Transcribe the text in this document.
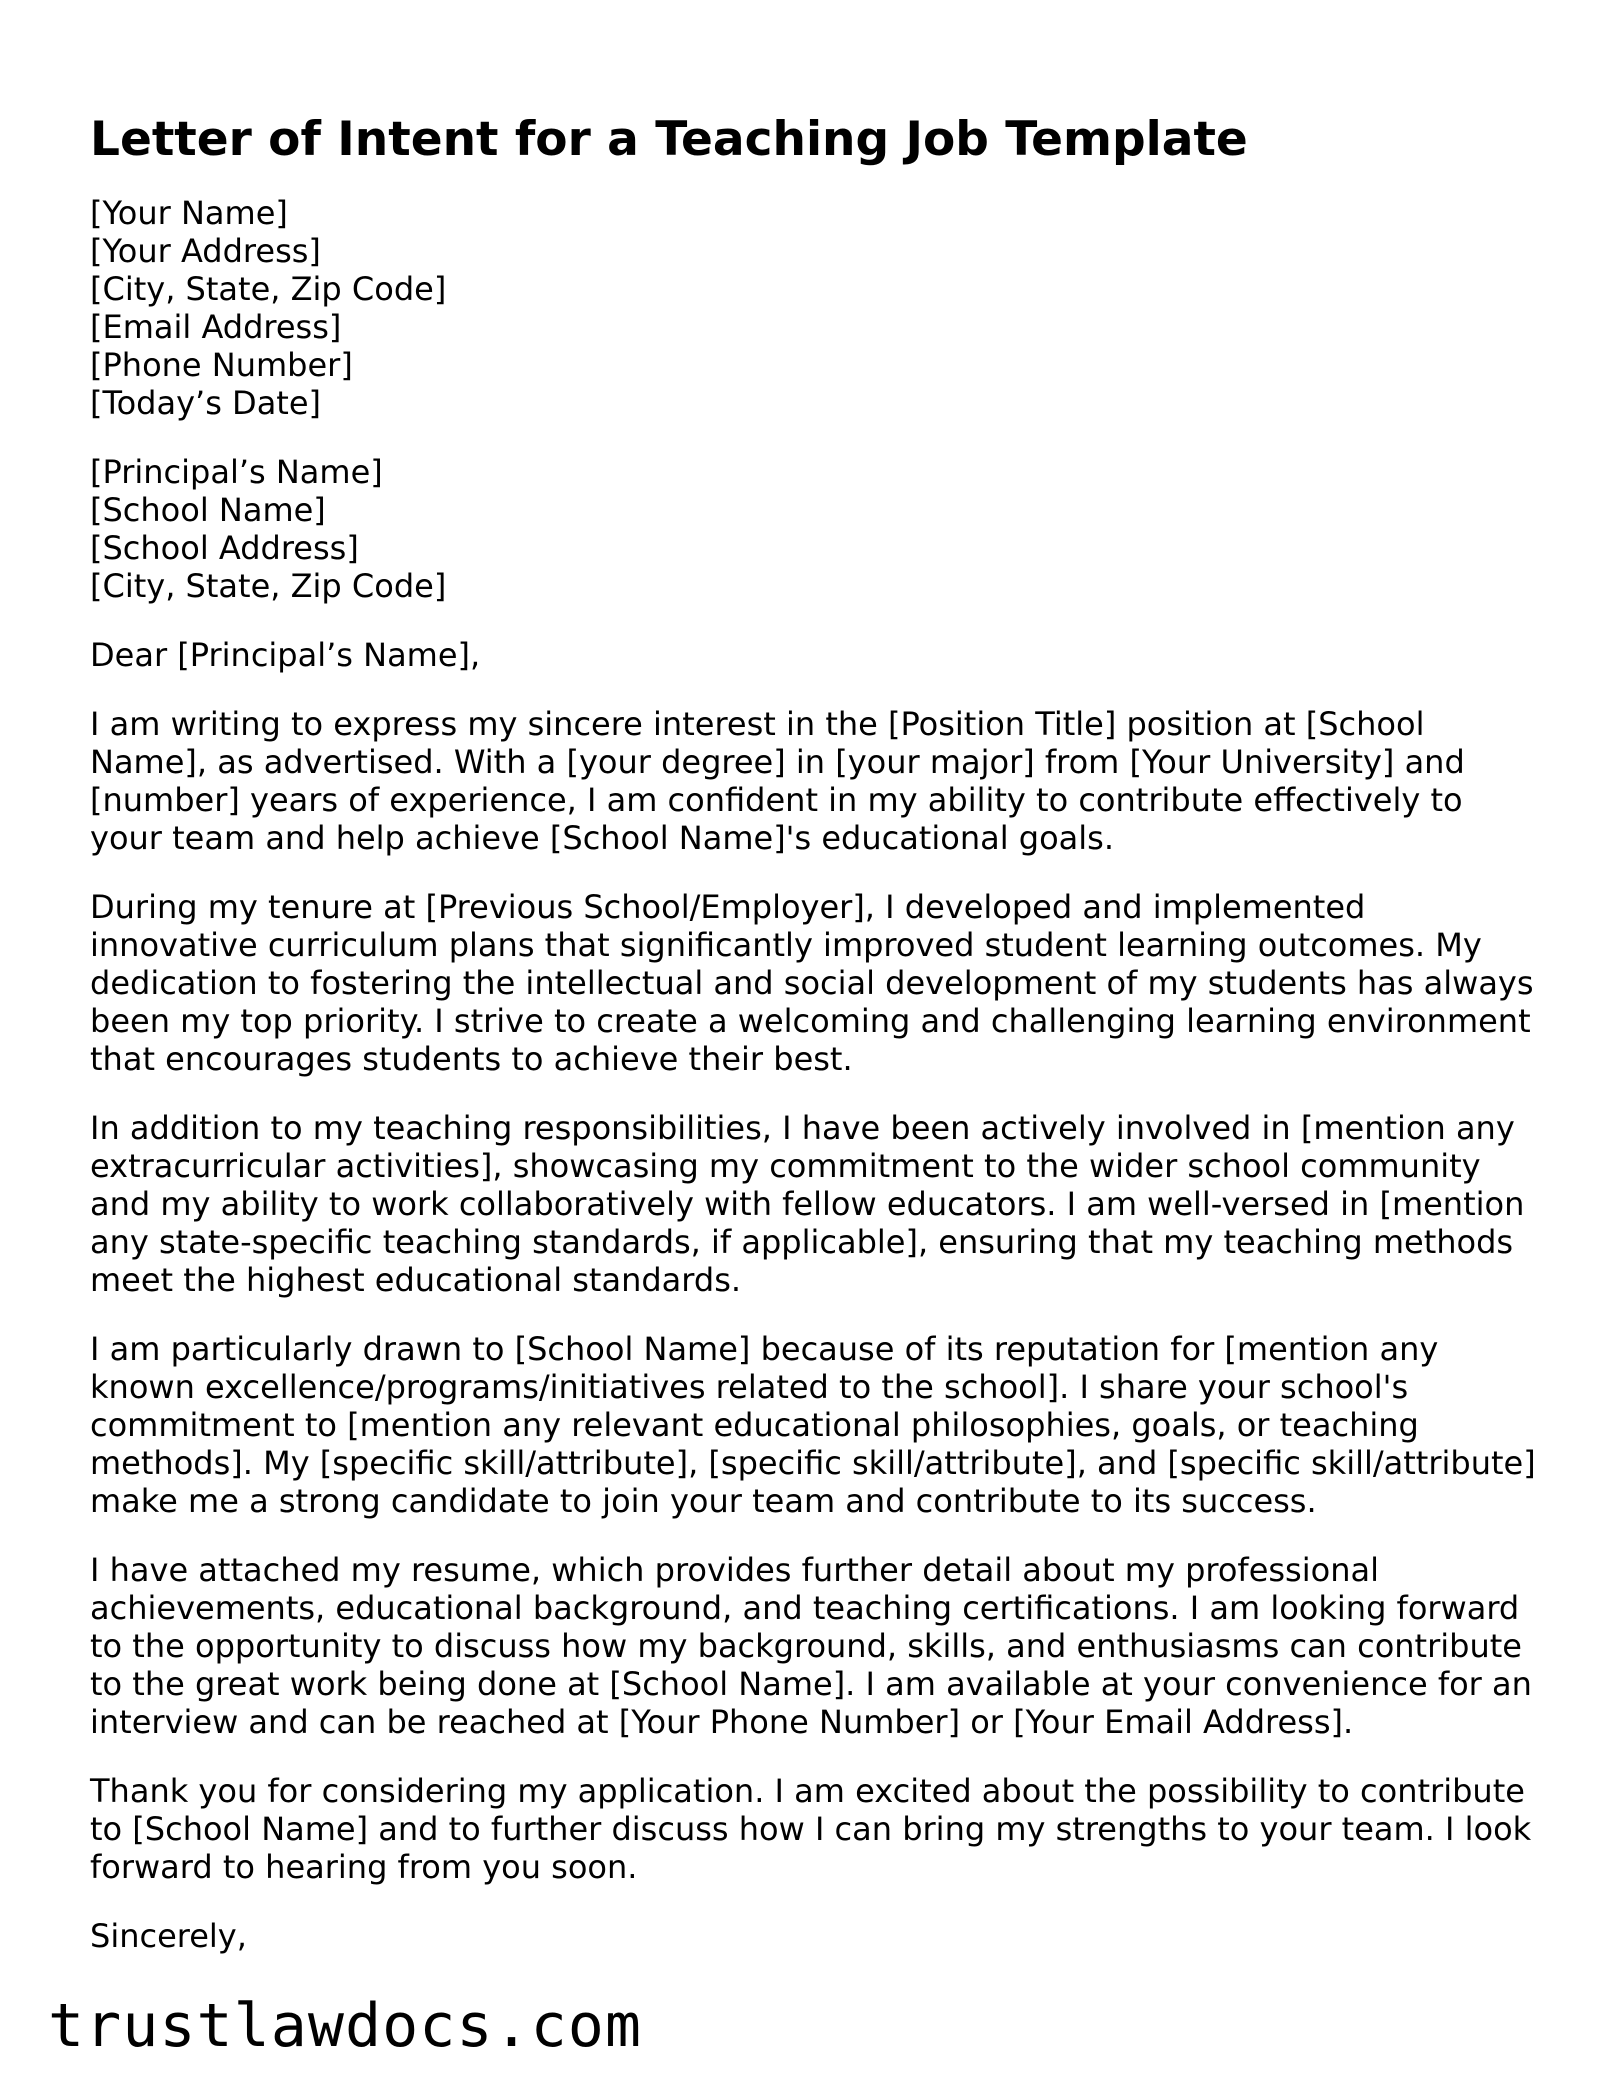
Letter of Intent for a Teaching Job Template
[Your Name]
[Your Address]
[City, State, Zip Code]
[Email Address]
[Phone Number]
[Today’s Date]
[Principal’s Name]
[School Name]
[School Address]
[City, State, Zip Code]

Dear [Principal’s Name],

I am writing to express my sincere interest in the [Position Title] position at [School Name], as advertised. With a [your degree] in [your major] from [Your University] and [number] years of experience, I am confident in my ability to contribute effectively to your team and help achieve [School Name]'s educational goals.

During my tenure at [Previous School/Employer], I developed and implemented innovative curriculum plans that significantly improved student learning outcomes. My dedication to fostering the intellectual and social development of my students has always been my top priority. I strive to create a welcoming and challenging learning environment that encourages students to achieve their best.

In addition to my teaching responsibilities, I have been actively involved in [mention any extracurricular activities], showcasing my commitment to the wider school community and my ability to work collaboratively with fellow educators. I am well-versed in [mention any state-specific teaching standards, if applicable], ensuring that my teaching methods meet the highest educational standards.

I am particularly drawn to [School Name] because of its reputation for [mention any known excellence/programs/initiatives related to the school]. I share your school's commitment to [mention any relevant educational philosophies, goals, or teaching methods]. My [specific skill/attribute], [specific skill/attribute], and [specific skill/attribute] make me a strong candidate to join your team and contribute to its success.

I have attached my resume, which provides further detail about my professional achievements, educational background, and teaching certifications. I am looking forward to the opportunity to discuss how my background, skills, and enthusiasms can contribute to the great work being done at [School Name]. I am available at your convenience for an interview and can be reached at [Your Phone Number] or [Your Email Address].

Thank you for considering my application. I am excited about the possibility to contribute to [School Name] and to further discuss how I can bring my strengths to your team. I look forward to hearing from you soon.

Sincerely,

trustlawdocs.com
